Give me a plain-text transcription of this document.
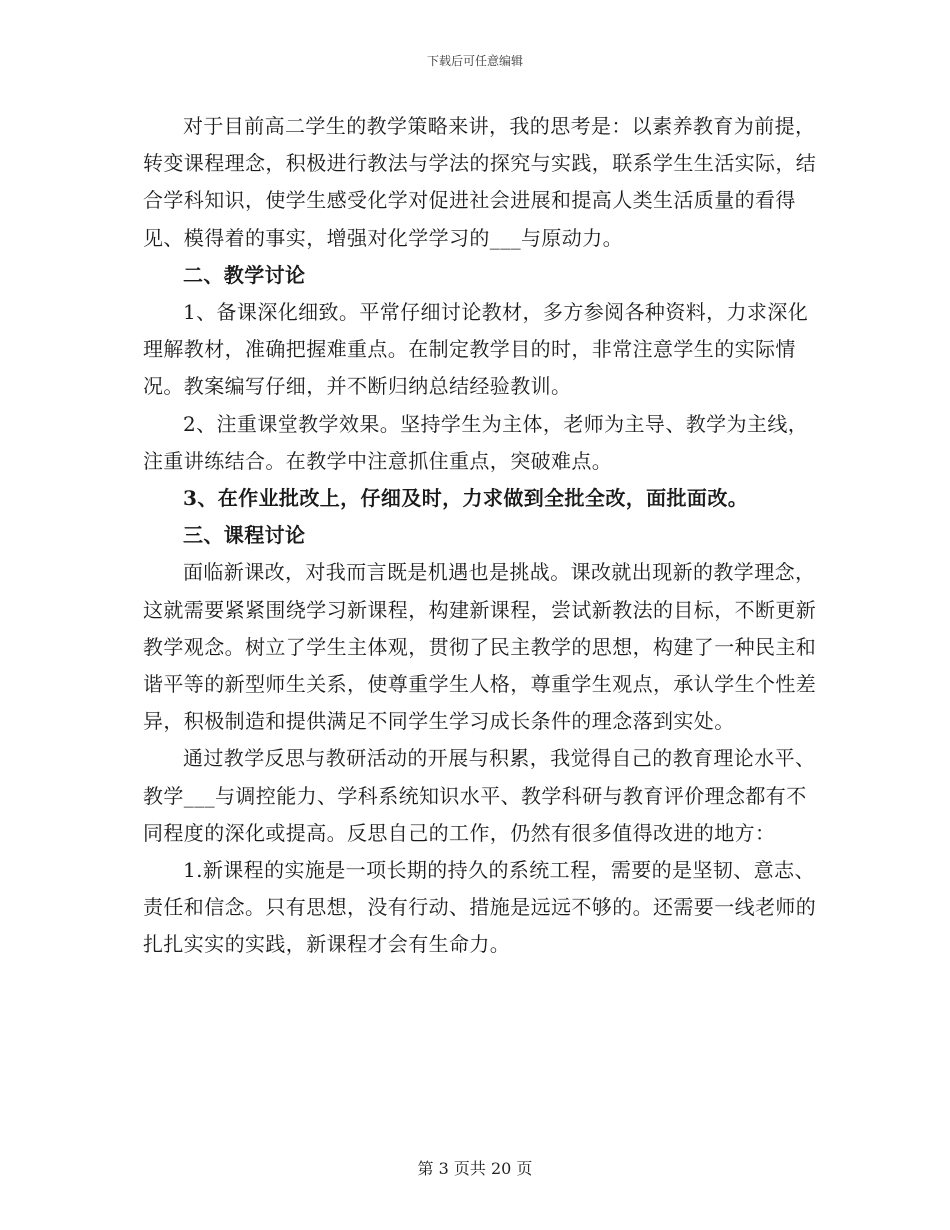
下载后可任意编辑

对于目前高二学生的教学策略来讲，我的思考是：以素养教育为前提，转变课程理念，积极进行教法与学法的探究与实践，联系学生生活实际，结合学科知识，使学生感受化学对促进社会进展和提高人类生活质量的看得见、模得着的事实，增强对化学学习的___与原动力。

二、教学讨论

1、备课深化细致。平常仔细讨论教材，多方参阅各种资料，力求深化理解教材，准确把握难重点。在制定教学目的时，非常注意学生的实际情况。教案编写仔细，并不断归纳总结经验教训。

2、注重课堂教学效果。坚持学生为主体，老师为主导、教学为主线，注重讲练结合。在教学中注意抓住重点，突破难点。

3、在作业批改上，仔细及时，力求做到全批全改，面批面改。

三、课程讨论

面临新课改，对我而言既是机遇也是挑战。课改就出现新的教学理念，这就需要紧紧围绕学习新课程，构建新课程，尝试新教法的目标，不断更新教学观念。树立了学生主体观，贯彻了民主教学的思想，构建了一种民主和谐平等的新型师生关系，使尊重学生人格，尊重学生观点，承认学生个性差异，积极制造和提供满足不同学生学习成长条件的理念落到实处。

通过教学反思与教研活动的开展与积累，我觉得自己的教育理论水平、教学___与调控能力、学科系统知识水平、教学科研与教育评价理念都有不同程度的深化或提高。反思自己的工作，仍然有很多值得改进的地方：

1.新课程的实施是一项长期的持久的系统工程，需要的是坚韧、意志、责任和信念。只有思想，没有行动、措施是远远不够的。还需要一线老师的扎扎实实的实践，新课程才会有生命力。

第 3 页共 20 页
